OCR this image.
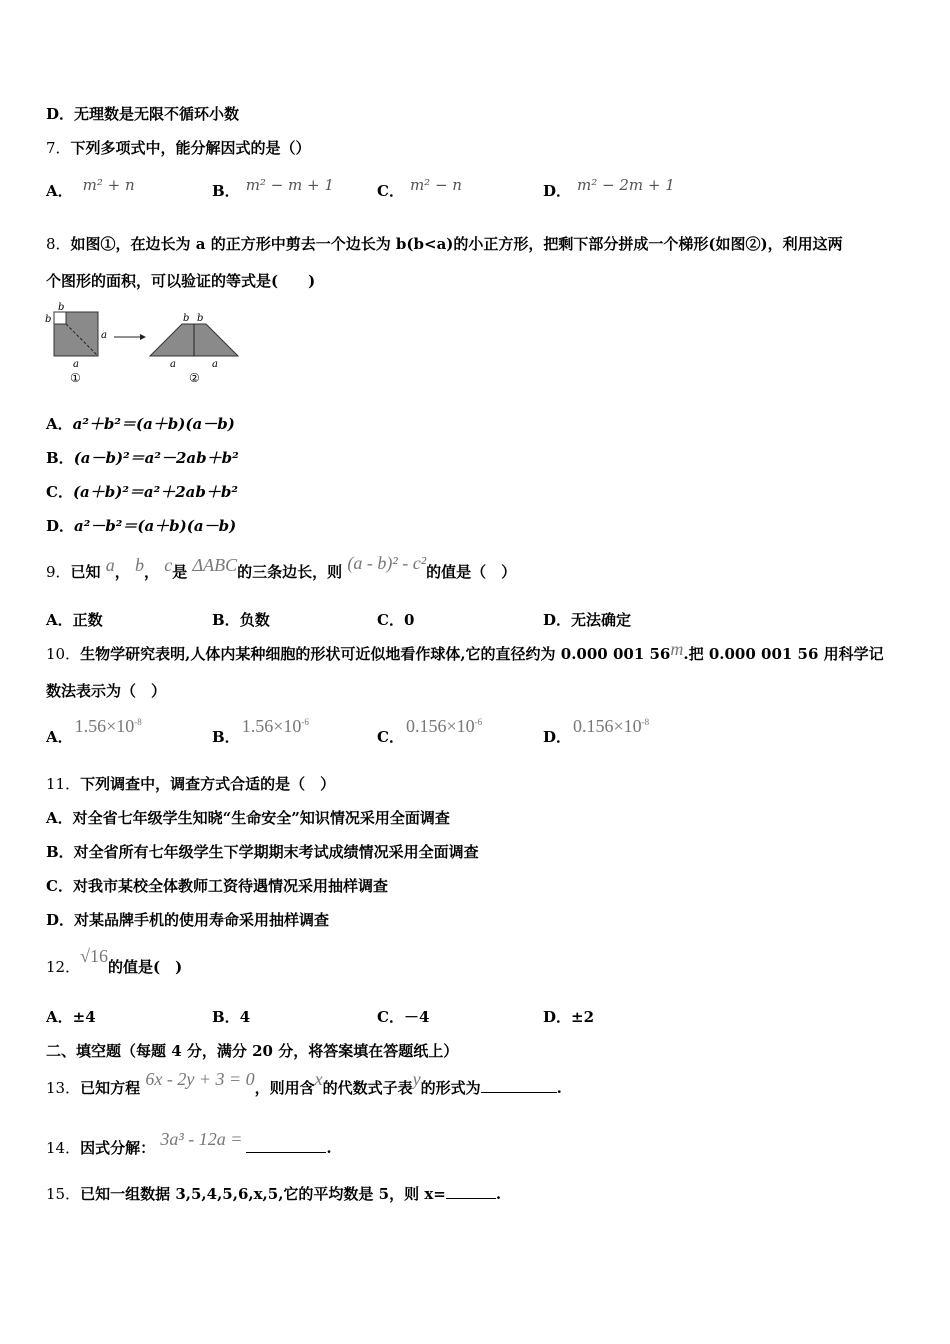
D．无理数是无限不循环小数
7．下列多项式中，能分解因式的是（）
A． m² + n	B． m² − m + 1	C． m² − n	D． m² − 2m + 1
8．如图①，在边长为 a 的正方形中剪去一个边长为 b(b<a)的小正方形，把剩下部分拼成一个梯形(如图②)，利用这两
个图形的面积，可以验证的等式是(　　)
b
b
a
a
①
b b
a	a
②
A．a²＋b²＝(a＋b)(a－b)
B．(a－b)²＝a²－2ab＋b²
C．(a＋b)²＝a²＋2ab＋b²
D．a²－b²＝(a＋b)(a－b)
9．已知 a， b， c是 ΔABC的三条边长，则 (a - b)² - c²的值是（　）
A．正数	B．负数	C．0	D．无法确定
10．生物学研究表明,人体内某种细胞的形状可近似地看作球体,它的直径约为 0.000 001 56m.把 0.000 001 56 用科学记
数法表示为（　）
A．$1.56\times 10^{-8}$
B．$1.56\times 10^{-6}$
C．$0.156\times 10^{-6}$
D．$0.156\times 10^{-8}$
11．下列调查中，调查方式合适的是（　）
A．对全省七年级学生知晓“生命安全”知识情况采用全面调查
B．对全省所有七年级学生下学期期末考试成绩情况采用全面调查
C．对我市某校全体教师工资待遇情况采用抽样调查
D．对某品牌手机的使用寿命采用抽样调查
12．√16的值是(　)
A．±4	B．4	C．－4	D．±2
二、填空题（每题 4 分，满分 20 分，将答案填在答题纸上）
13．已知方程 6x - 2y + 3 = 0，则用含x的代数式子表y的形式为	.
14．因式分解： 3a³ - 12a =	.
15．已知一组数据 3,5,4,5,6,x,5,它的平均数是 5，则 x=	.
